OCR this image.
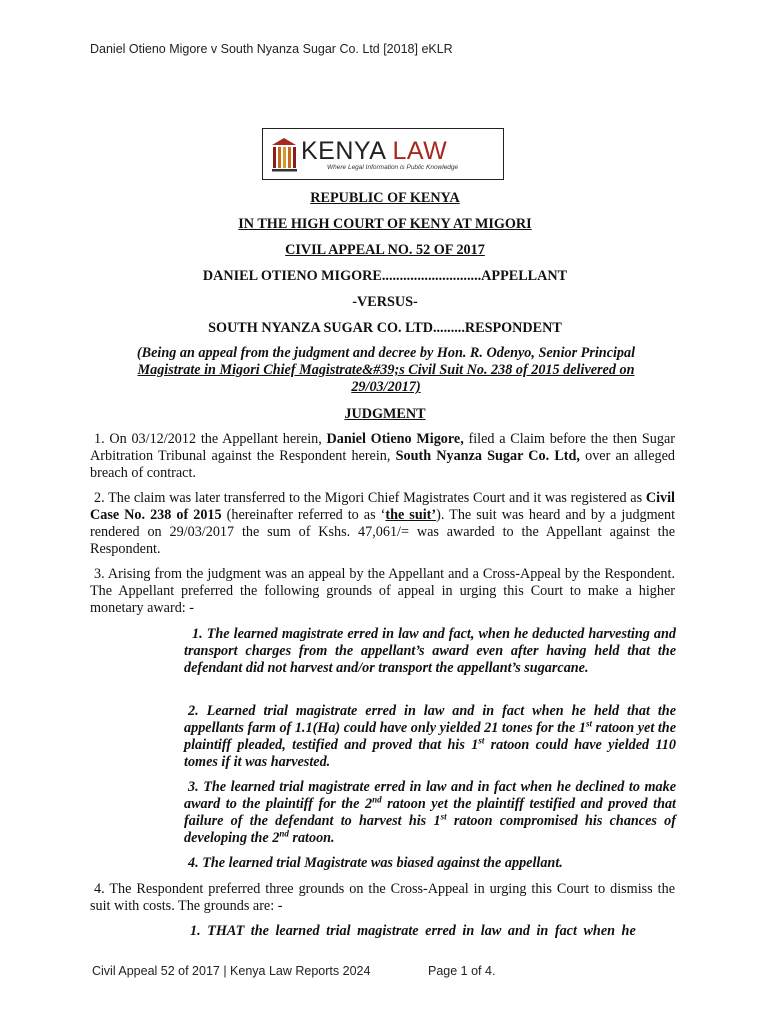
Daniel Otieno Migore v South Nyanza Sugar Co. Ltd [2018] eKLR
KENYA LAW
Where Legal Information is Public Knowledge
REPUBLIC OF KENYA
IN THE HIGH COURT OF KENY AT MIGORI
CIVIL APPEAL NO. 52 OF 2017
DANIEL OTIENO MIGORE............................APPELLANT
-VERSUS-
SOUTH NYANZA SUGAR CO. LTD.........RESPONDENT
(Being an appeal from the judgment and decree by Hon. R. Odenyo, Senior Principal
Magistrate in Migori Chief Magistrate&#39;s Civil Suit No. 238 of 2015 delivered on
29/03/2017)
JUDGMENT
1. On 03/12/2012 the Appellant herein, Daniel Otieno Migore, filed a Claim before the then Sugar Arbitration Tribunal against the Respondent herein, South Nyanza Sugar Co. Ltd, over an alleged breach of contract.
2. The claim was later transferred to the Migori Chief Magistrates Court and it was registered as Civil Case No. 238 of 2015 (hereinafter referred to as ‘the suit’). The suit was heard and by a judgment rendered on 29/03/2017 the sum of Kshs. 47,061/= was awarded to the Appellant against the Respondent.
3. Arising from the judgment was an appeal by the Appellant and a Cross-Appeal by the Respondent. The Appellant preferred the following grounds of appeal in urging this Court to make a higher monetary award: -
1. The learned magistrate erred in law and fact, when he deducted harvesting and transport charges from the appellant’s award even after having held that the defendant did not harvest and/or transport the appellant’s sugarcane.
2. Learned trial magistrate erred in law and in fact when he held that the appellants farm of 1.1(Ha) could have only yielded 21 tones for the 1st ratoon yet the plaintiff pleaded, testified and proved that his 1st ratoon could have yielded 110 tomes if it was harvested.
3. The learned trial magistrate erred in law and in fact when he declined to make award to the plaintiff for the 2nd ratoon yet the plaintiff testified and proved that failure of the defendant to harvest his 1st ratoon compromised his chances of developing the 2nd ratoon.
4. The learned trial Magistrate was biased against the appellant.
4. The Respondent preferred three grounds on the Cross-Appeal in urging this Court to dismiss the suit with costs. The grounds are: -
1. THAT the learned trial magistrate erred in law and in fact when he
Civil Appeal 52 of 2017 | Kenya Law Reports 2024	Page 1 of 4.
